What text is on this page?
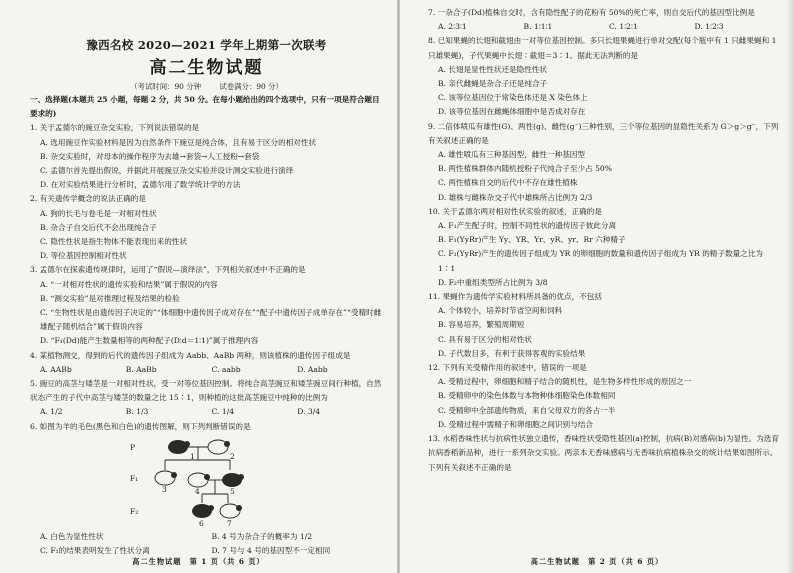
豫西名校 2020—2021 学年上期第一次联考
高二生物试题
（考试时间：90 分钟 试卷满分：90 分）
一、选择题(本题共 25 小题，每题 2 分，共 50 分。在每小题给出的四个选项中，只有一项是符合题目要求的)

1. 关于孟德尔的豌豆杂交实验，下列说法错误的是

A. 选用豌豆作实验材料是因为自然条件下豌豆是纯合体，且有易于区分的相对性状

B. 杂交实验时，对母本的操作程序为去雄→套袋→人工授粉→套袋

C. 孟德尔首先提出假说，并据此开展豌豆杂交实验并设计测交实验进行演绎

D. 在对实验结果进行分析时，孟德尔用了数学统计学的方法

2. 有关遗传学概念的说法正确的是

A. 狗的长毛与卷毛是一对相对性状

B. 杂合子自交后代不会出现纯合子

C. 隐性性状是指生物体不能表现出来的性状

D. 等位基因控制相对性状

3. 孟德尔在探索遗传规律时，运用了“假说—演绎法”，下列相关叙述中不正确的是

A. “一对相对性状的遗传实验和结果”属于假说的内容

B. “测交实验”是对推理过程及结果的检验

C. “生物性状是由遗传因子决定的”“体细胞中遗传因子成对存在”“配子中遗传因子成单存在”“受精时雌雄配子随机结合”属于假说内容

D. “F₁(Dd)能产生数量相等的两种配子(D∶d＝1∶1)”属于推理内容

4. 某植物测交，得到的后代的遗传因子组成为 Aabb、AaBb 两种，则该植株的遗传因子组成是

A. AABb	B. AaBb	C. aabb	D. Aabb

5. 豌豆的高茎与矮茎是一对相对性状，受一对等位基因控制。将纯合高茎豌豆和矮茎豌豆间行种植，自然状态产生的子代中高茎与矮茎的数量之比 15∶1，则种植的这批高茎豌豆中纯种的比例为

A. 1/2	B. 1/3	C. 1/4	D. 3/4

6. 如图为羊的毛色(黑色和白色)的遗传图解，则下列判断错误的是

P
F₁
F₂
1	2
3	4	5
6	7
A. 白色为显性性状	B. 4 号为杂合子的概率为 1/2
C. F₁的结果表明发生了性状分离	D. 7 号与 4 号的基因型不一定相同
高二生物试题　第 1 页（共 6 页）

7. 一杂合子(Dd)植株自交时，含有隐性配子的花粉有 50%的死亡率，则自交后代的基因型比例是

A. 2∶3∶1	B. 1∶1∶1	C. 1∶2∶1	D. 1∶2∶3

8. 已知果蝇的长翅和截翅由一对等位基因控制。多只长翅果蝇进行单对交配(每个瓶中有 1 只雌果蝇和 1 只雄果蝇)，子代果蝇中长翅∶截翅＝3∶1。据此无法判断的是

A. 长翅是显性性状还是隐性性状

B. 亲代雌蝇是杂合子还是纯合子

C. 该等位基因位于常染色体还是 X 染色体上

D. 该等位基因在雌蝇体细胞中是否成对存在

9. 二倍体喷瓜有雄性(G)、两性(g)、雌性(g⁻)三种性别，三个等位基因的显隐性关系为 G＞g＞g⁻，下列有关叙述正确的是

A. 雄性喷瓜有三种基因型，雌性一种基因型

B. 两性植株群体内随机授粉子代纯合子至少占 50%

C. 两性植株自交的后代中不存在雄性植株

D. 雄株与雌株杂交子代中雄株所占比例为 2/3

10. 关于孟德尔两对相对性状实验的叙述，正确的是

A. F₁产生配子时，控制不同性状的遗传因子彼此分离

B. F₁(YyRr)产生 Yy、YR、Yr、yR、yr、Rr 六种精子

C. F₁(YyRr)产生的遗传因子组成为 YR 的卵细胞的数量和遗传因子组成为 YR 的精子数量之比为 1∶1

D. F₂中重组类型所占比例为 3/8

11. 果蝇作为遗传学实验材料所具备的优点，不包括

A. 个体较小，培养时节省空间和饲料

B. 容易培养，繁殖周期短

C. 具有易于区分的相对性状

D. 子代数目多，有利于获得客观的实验结果

12. 下列有关受精作用的叙述中，错误的一项是

A. 受精过程中，卵细胞和精子结合的随机性，是生物多样性形成的原因之一

B. 受精卵中的染色体数与本物种体细胞染色体数相同

C. 受精卵中全部遗传物质，来自父母双方的各占一半

D. 受精过程中需精子和卵细胞之间识别与结合

13. 水稻香味性状与抗病性状独立遗传，香味性状受隐性基因(a)控制，抗病(B)对感病(b)为显性。为选育抗病香稻新品种，进行一系列杂交实验。两亲本无香味感病与无香味抗病植株杂交的统计结果如图所示。下列有关叙述不正确的是

高二生物试题　第 2 页（共 6 页）
